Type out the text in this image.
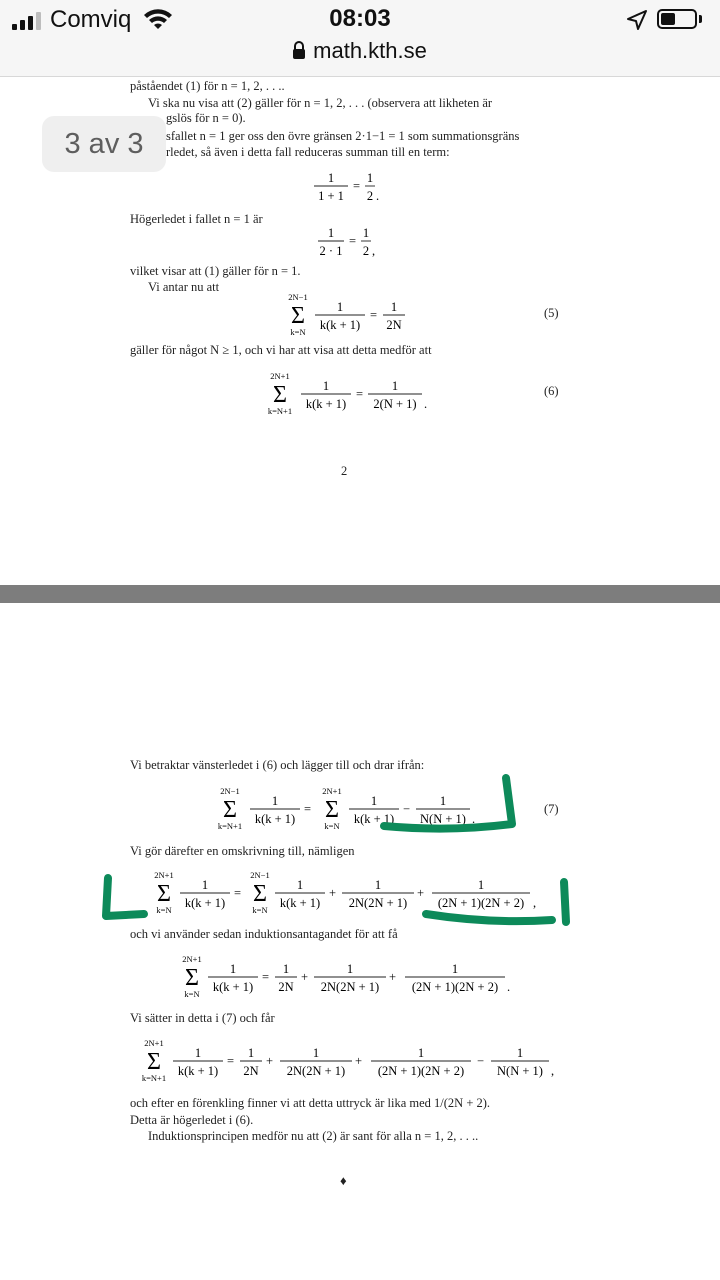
Comviq	08:03
math.kth.se
påståendet (1) för n = 1, 2, . . ..
Vi ska nu visa att (2) gäller för n = 1, 2, . . . (observera att likheten är
gslös för n = 0).
sfallet n = 1 ger oss den övre gränsen 2·1−1 = 1 som summationsgräns
rledet, så även i detta fall reduceras summan till en term:
1
1 + 1
=
1
2 .
Högerledet i fallet n = 1 är
1
2 · 1
=
1
2 ,
vilket visar att (1) gäller för n = 1.
Vi antar nu att
2N−1
Σ
k=N
1
k(k + 1)
=
1
2N
(5)
gäller för något N ≥ 1, och vi har att visa att detta medför att
2N+1
Σ
k=N+1
1
k(k + 1)
=
1
2(N + 1) .
(6)
2
3 av 3
Vi betraktar vänsterledet i (6) och lägger till och drar ifrån:
2N−1
Σ
k=N+1
1
k(k + 1)
=
2N+1
Σ
k=N
1
k(k + 1)
−
1
N(N + 1) .
(7)
Vi gör därefter en omskrivning till, nämligen
2N+1
Σ
k=N
1
k(k + 1)
=
2N−1
Σ
k=N
1
k(k + 1)
+
1
2N(2N + 1)
+
1
(2N + 1)(2N + 2) ,
och vi använder sedan induktionsantagandet för att få
2N+1
Σ
k=N
1
k(k + 1)
=
1
2N
+
1
2N(2N + 1)
+
1
(2N + 1)(2N + 2) .
Vi sätter in detta i (7) och får
2N+1
Σ
k=N+1
1
k(k + 1)
=
1
2N
+
1
2N(2N + 1)
+
1
(2N + 1)(2N + 2)
−
1
N(N + 1) ,
och efter en förenkling finner vi att detta uttryck är lika med 1/(2N + 2).
Detta är högerledet i (6).
Induktionsprincipen medför nu att (2) är sant för alla n = 1, 2, . . ..
♦
